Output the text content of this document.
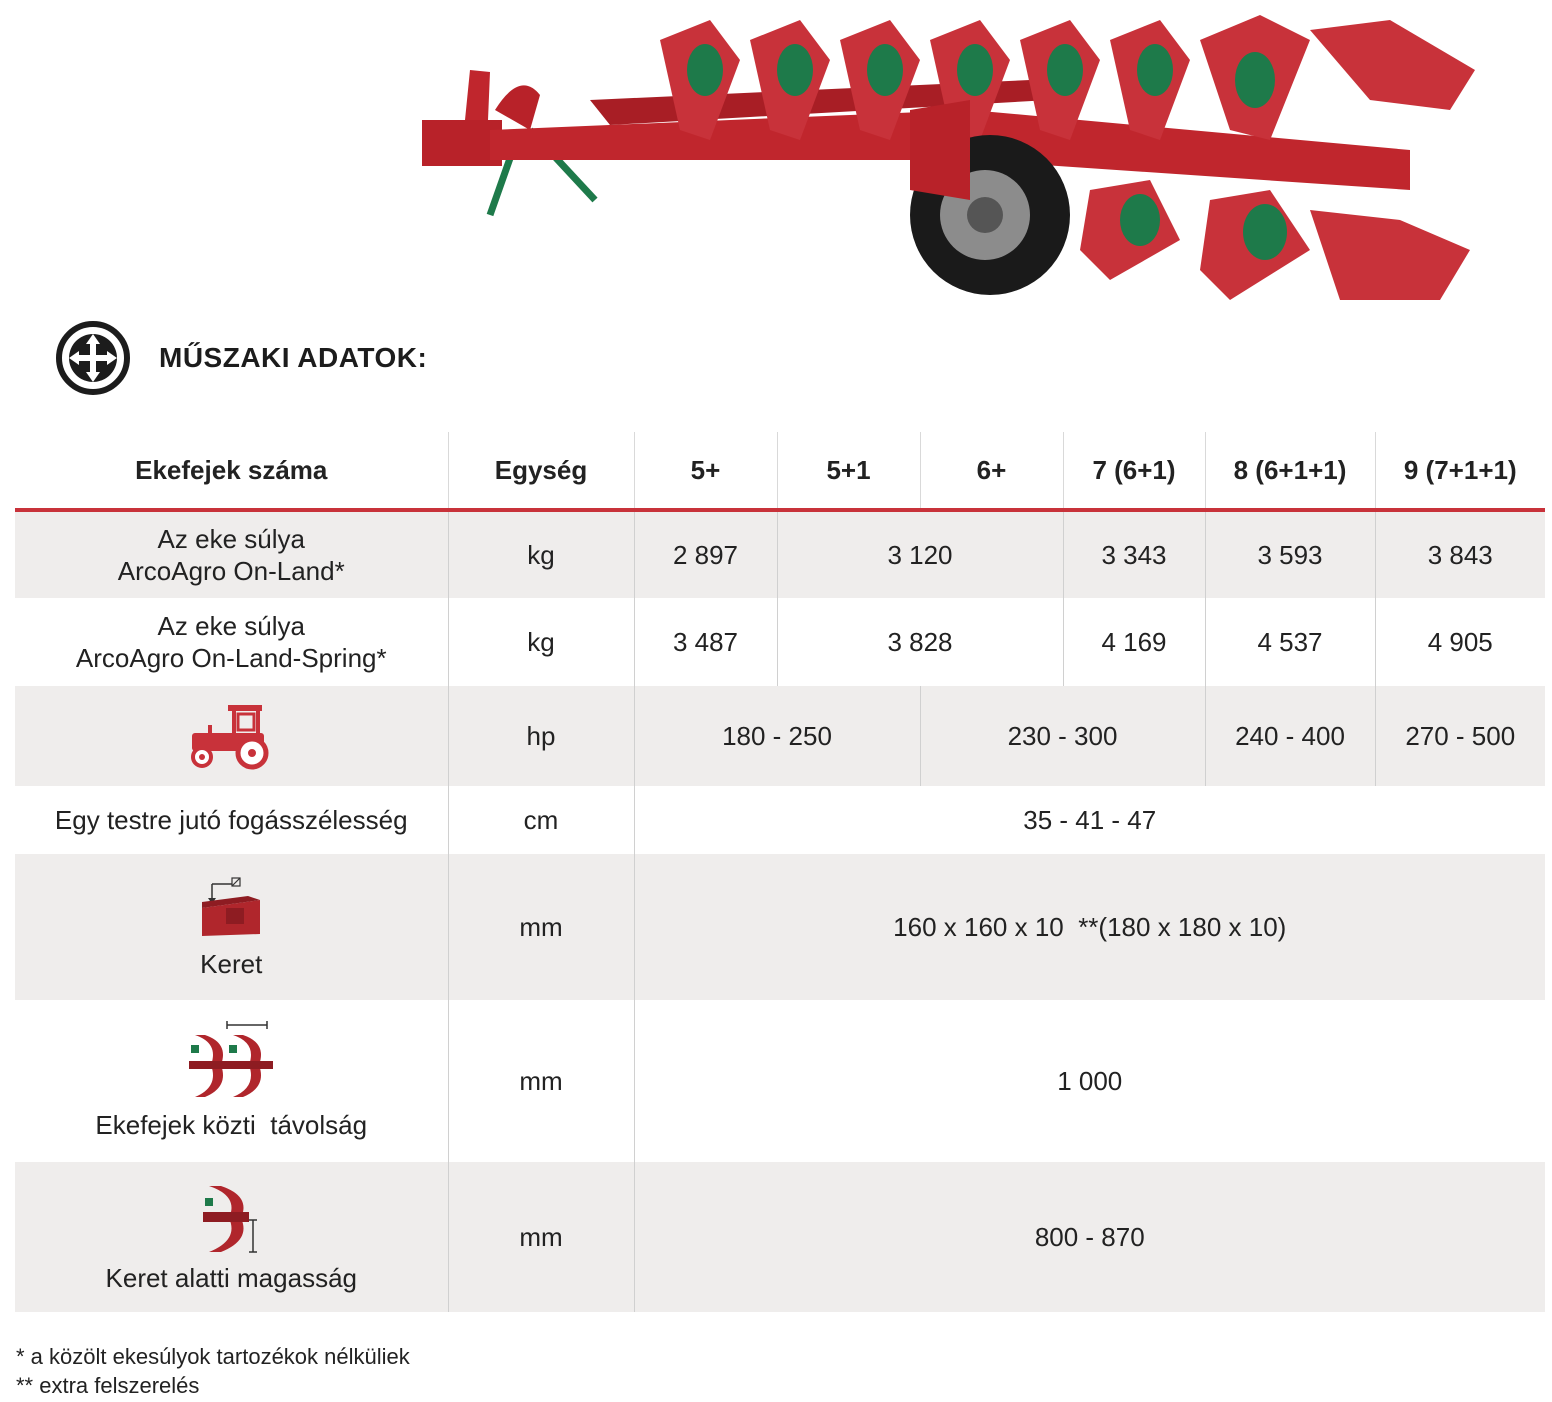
MŰSZAKI ADATOK:
Ekefejek száma	Egység	5+	5+1	6+	7 (6+1)	8 (6+1+1)	9 (7+1+1)
Az eke súlya
ArcoAgro On-Land*	kg	2 897	3 120		3 343	3 593	3 843
Az eke súlya
ArcoAgro On-Land-Spring*	kg	3 487	3 828		4 169	4 537	4 905

	hp	180 - 250		230 - 300		240 - 400	270 - 500
Egy testre jutó fogásszélesség	cm	35 - 41 - 47					

Keret	mm	160 x 160 x 10  **(180 x 180 x 10)					

Ekefejek közti  távolság	mm	1 000					

Keret alatti magasság	mm	800 - 870					
* a közölt ekesúlyok tartozékok nélküliek
** extra felszerelés
